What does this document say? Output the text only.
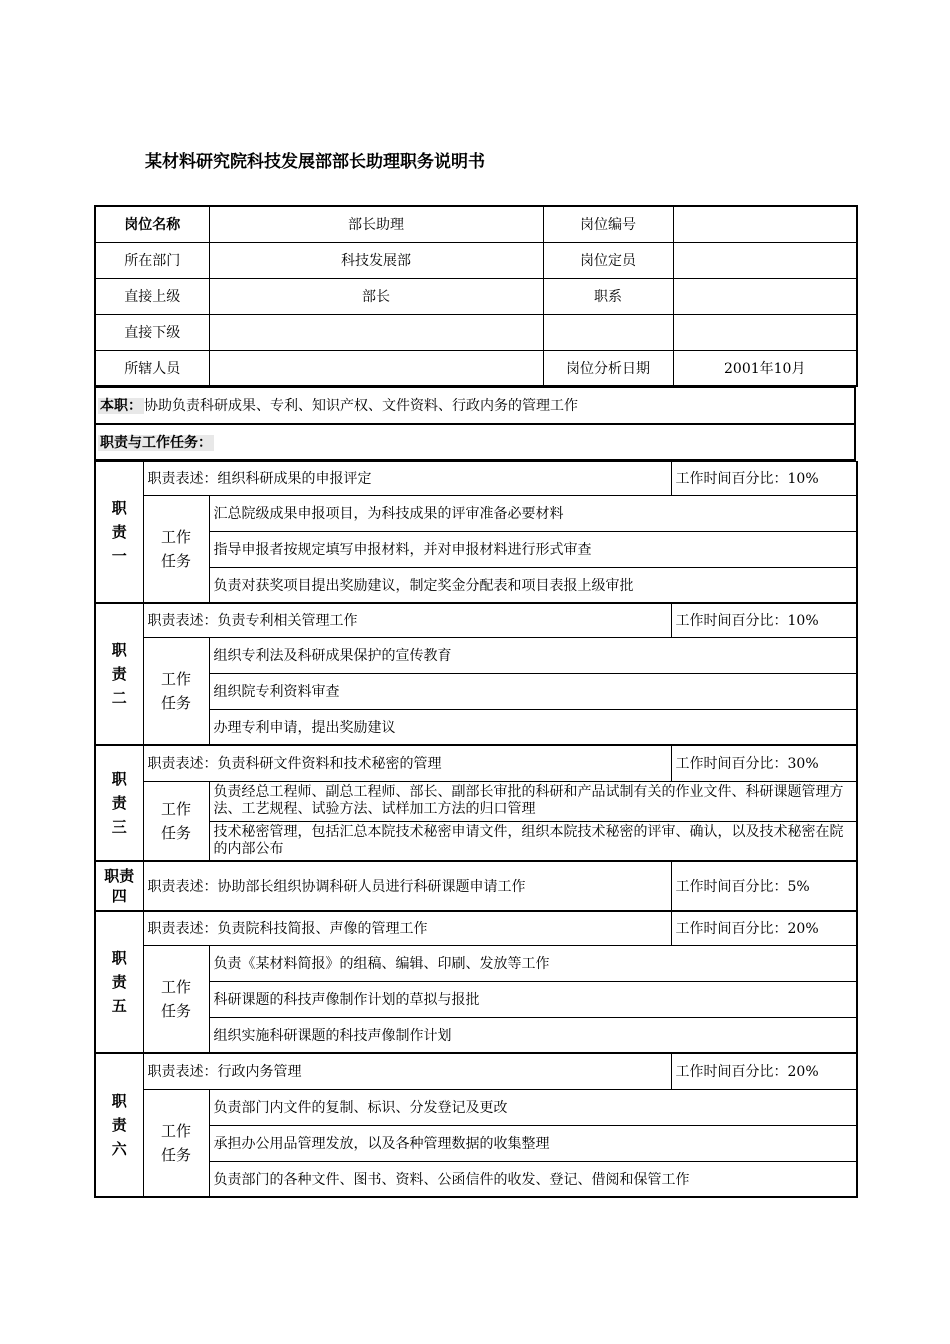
某材料研究院科技发展部部长助理职务说明书
岗位名称	部长助理	岗位编号	
所在部门	科技发展部	岗位定员	
直接上级	部长	职系	
直接下级			
所辖人员		岗位分析日期	2001年10月
本职： 协助负责科研成果、专利、知识产权、文件资料、行政内务的管理工作
职责与工作任务：
职责一	职责表述：组织科研成果的申报评定		工作时间百分比：10%

	工作任务	汇总院级成果申报项目，为科技成果的评审准备必要材料	
		指导申报者按规定填写申报材料，并对申报材料进行形式审查	
		负责对获奖项目提出奖励建议，制定奖金分配表和项目表报上级审批	

职责二	职责表述：负责专利相关管理工作		工作时间百分比：10%

	工作任务	组织专利法及科研成果保护的宣传教育	
		组织院专利资料审查	
		办理专利申请，提出奖励建议	

职责三	职责表述：负责科研文件资料和技术秘密的管理		工作时间百分比：30%

	工作任务	负责经总工程师、副总工程师、部长、副部长审批的科研和产品试制有关的作业文件、科研课题管理方法、工艺规程、试验方法、试样加工方法的归口管理	
		技术秘密管理，包括汇总本院技术秘密申请文件，组织本院技术秘密的评审、确认，以及技术秘密在院的内部公布	

职责四	职责表述：协助部长组织协调科研人员进行科研课题申请工作		工作时间百分比：5%

职责五	职责表述：负责院科技简报、声像的管理工作		工作时间百分比：20%

	工作任务	负责《某材料简报》的组稿、编辑、印刷、发放等工作	
		科研课题的科技声像制作计划的草拟与报批	
		组织实施科研课题的科技声像制作计划	

职责六	职责表述：行政内务管理		工作时间百分比：20%

	工作任务	负责部门内文件的复制、标识、分发登记及更改	
		承担办公用品管理发放，以及各种管理数据的收集整理	
		负责部门的各种文件、图书、资料、公函信件的收发、登记、借阅和保管工作	
